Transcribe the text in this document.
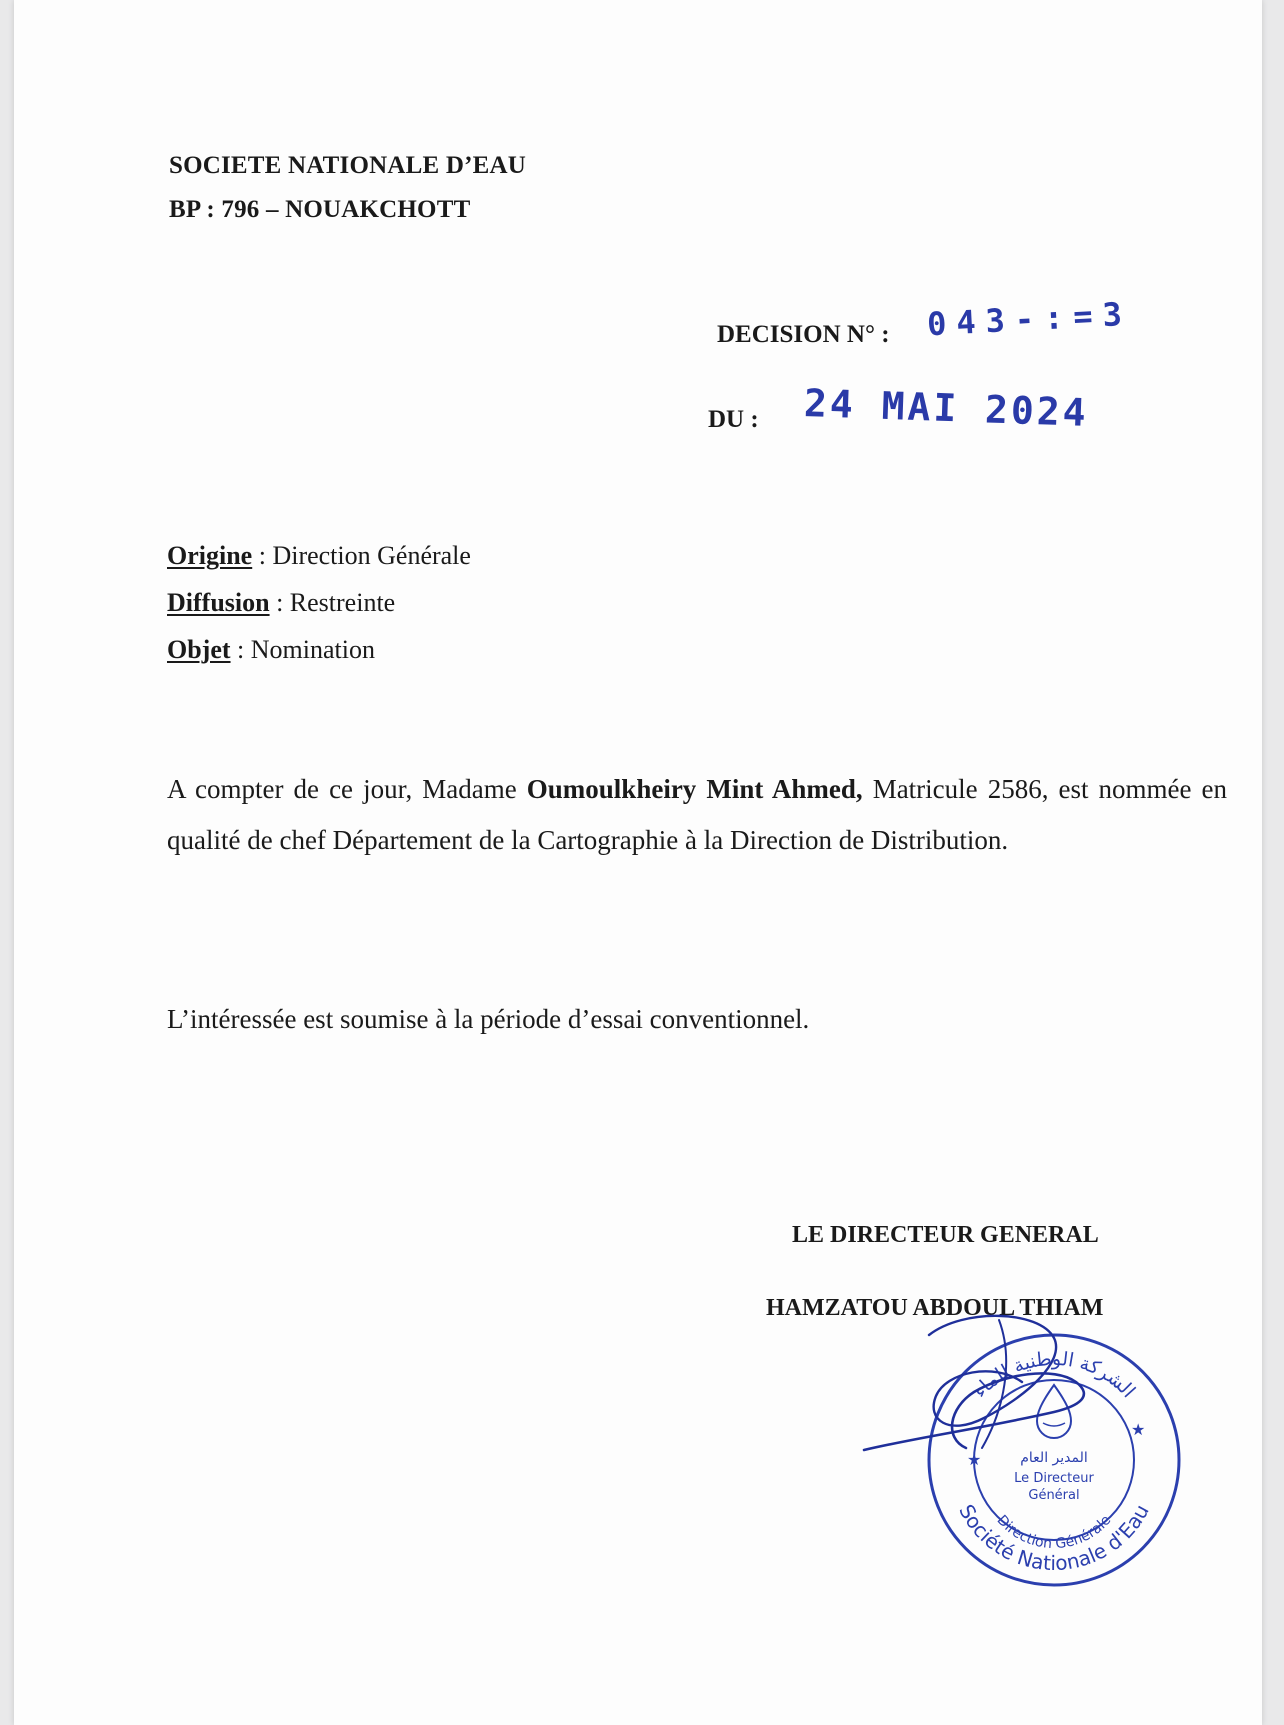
SOCIETE NATIONALE D’EAU
BP : 796 – NOUAKCHOTT
DECISION N° : 043-:=3
DU : 24 MAI 2024
Origine : Direction Générale
Diffusion : Restreinte
Objet : Nomination
A compter de ce jour, Madame Oumoulkheiry Mint Ahmed, Matricule 2586, est nommée en qualité de chef Département de la Cartographie à la Direction de Distribution.
L’intéressée est soumise à la période d’essai conventionnel.
LE DIRECTEUR GENERAL
HAMZATOU ABDOUL THIAM
الشركة الوطنية للماء
Société Nationale d'Eau
Direction Générale
★
★
المدير العام
Le Directeur
Général
